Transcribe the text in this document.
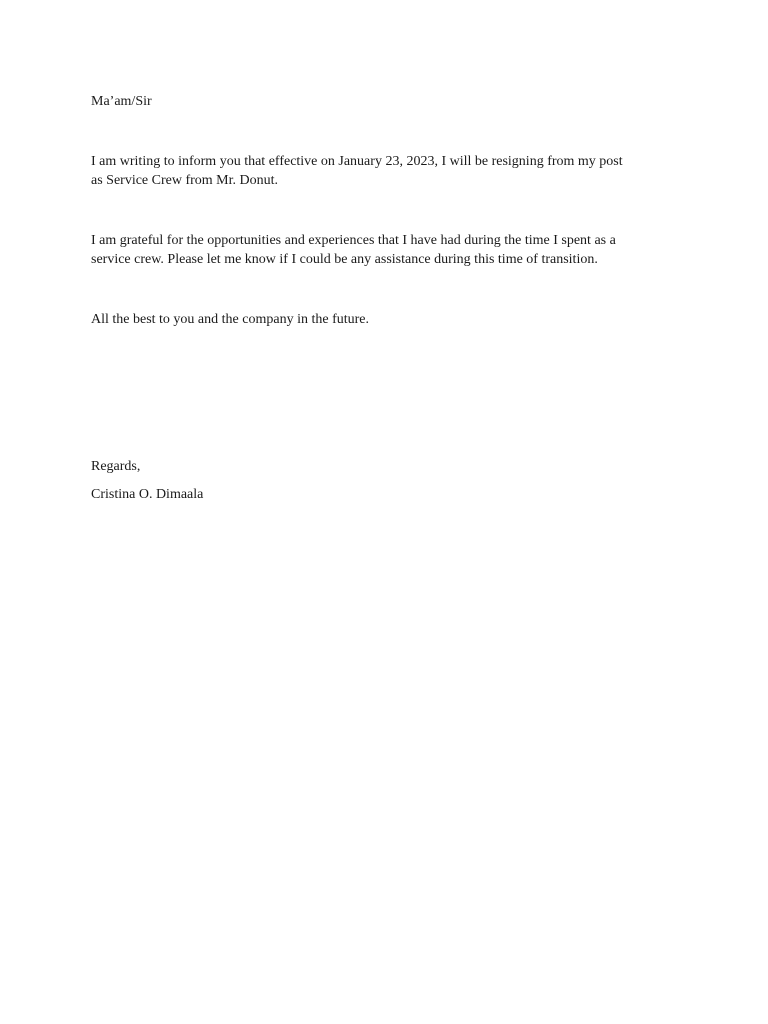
Ma’am/Sir
I am writing to inform you that effective on January 23, 2023, I will be resigning from my post
as Service Crew from Mr. Donut.
I am grateful for the opportunities and experiences that I have had during the time I spent as a
service crew. Please let me know if I could be any assistance during this time of transition.
All the best to you and the company in the future.
Regards,
Cristina O. Dimaala
